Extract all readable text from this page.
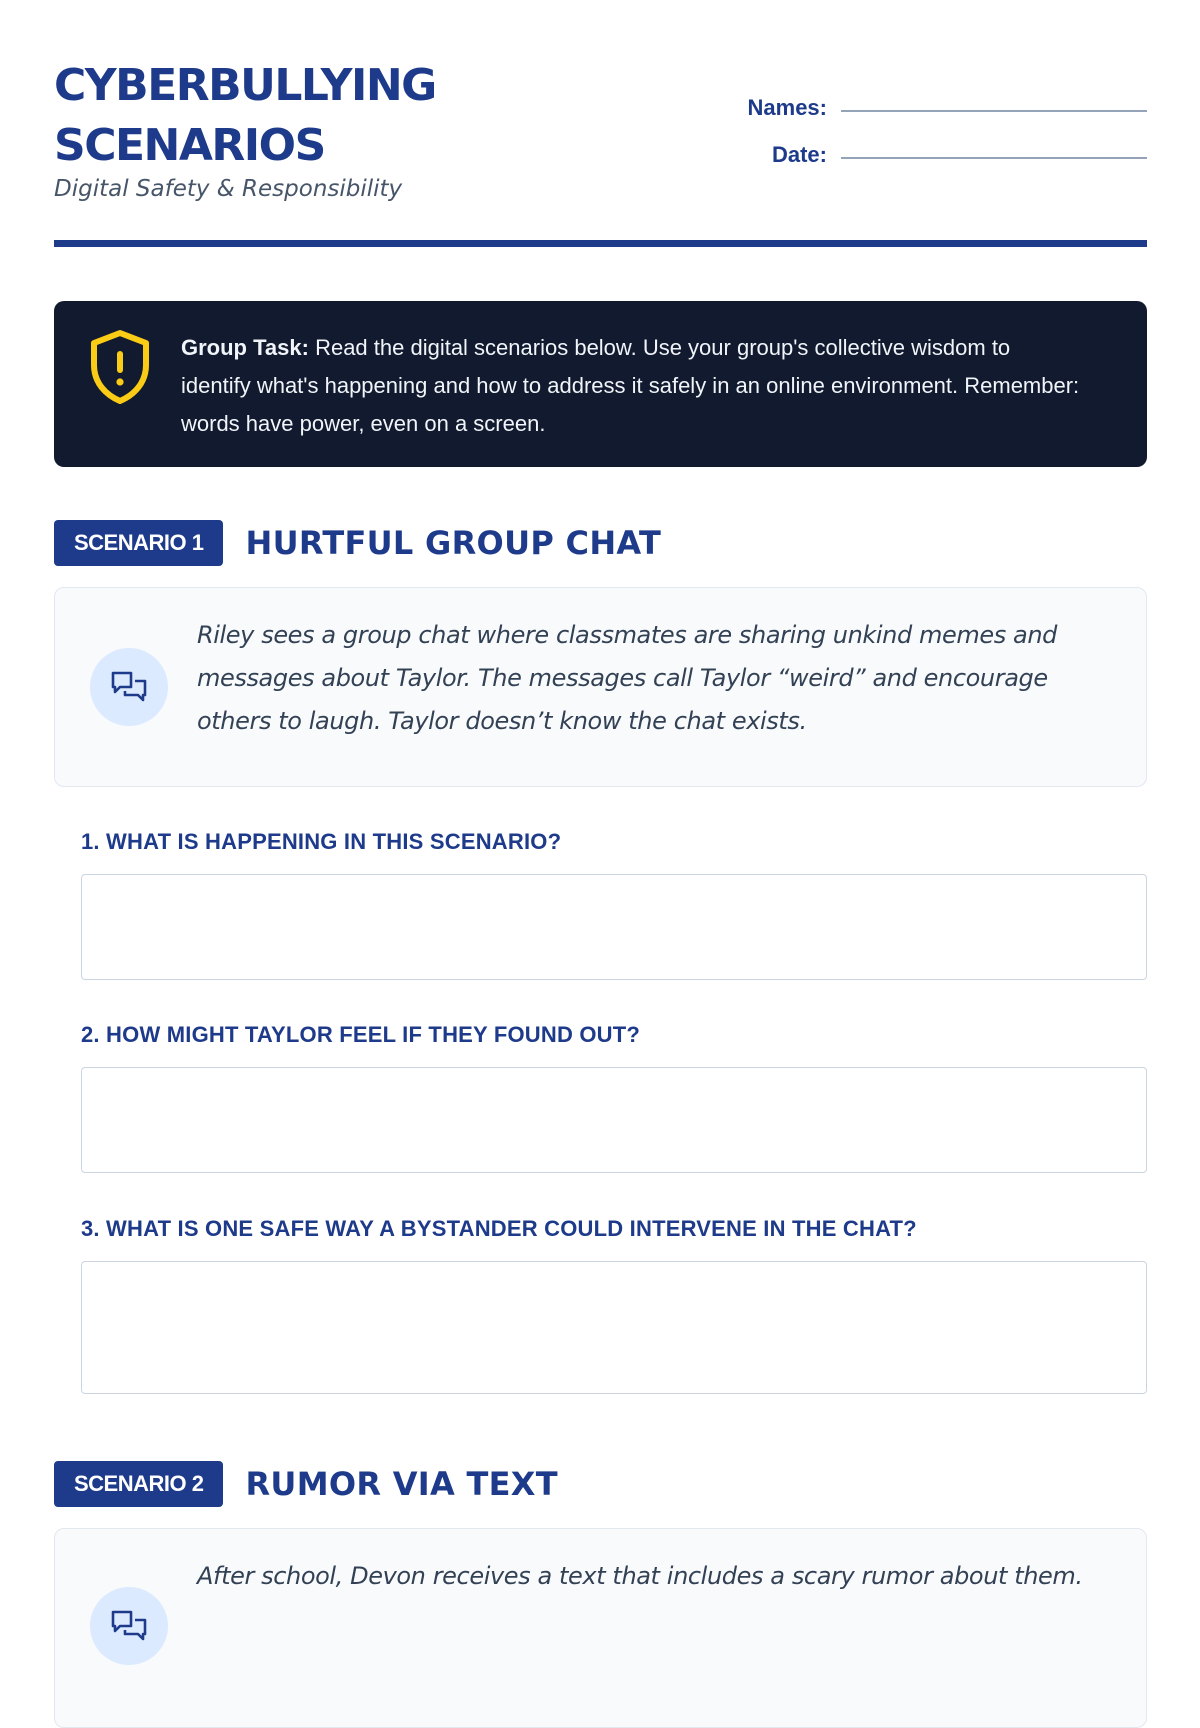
CYBERBULLYING SCENARIOS
Digital Safety & Responsibility
Names:
Date:
Group Task: Read the digital scenarios below. Use your group's collective wisdom to identify what's happening and how to address it safely in an online environment. Remember: words have power, even on a screen.
SCENARIO 1	HURTFUL GROUP CHAT
Riley sees a group chat where classmates are sharing unkind memes and messages about Taylor. The messages call Taylor “weird” and encourage others to laugh. Taylor doesn’t know the chat exists.
1. WHAT IS HAPPENING IN THIS SCENARIO?
2. HOW MIGHT TAYLOR FEEL IF THEY FOUND OUT?
3. WHAT IS ONE SAFE WAY A BYSTANDER COULD INTERVENE IN THE CHAT?
SCENARIO 2	RUMOR VIA TEXT
After school, Devon receives a text that includes a scary rumor about them.
